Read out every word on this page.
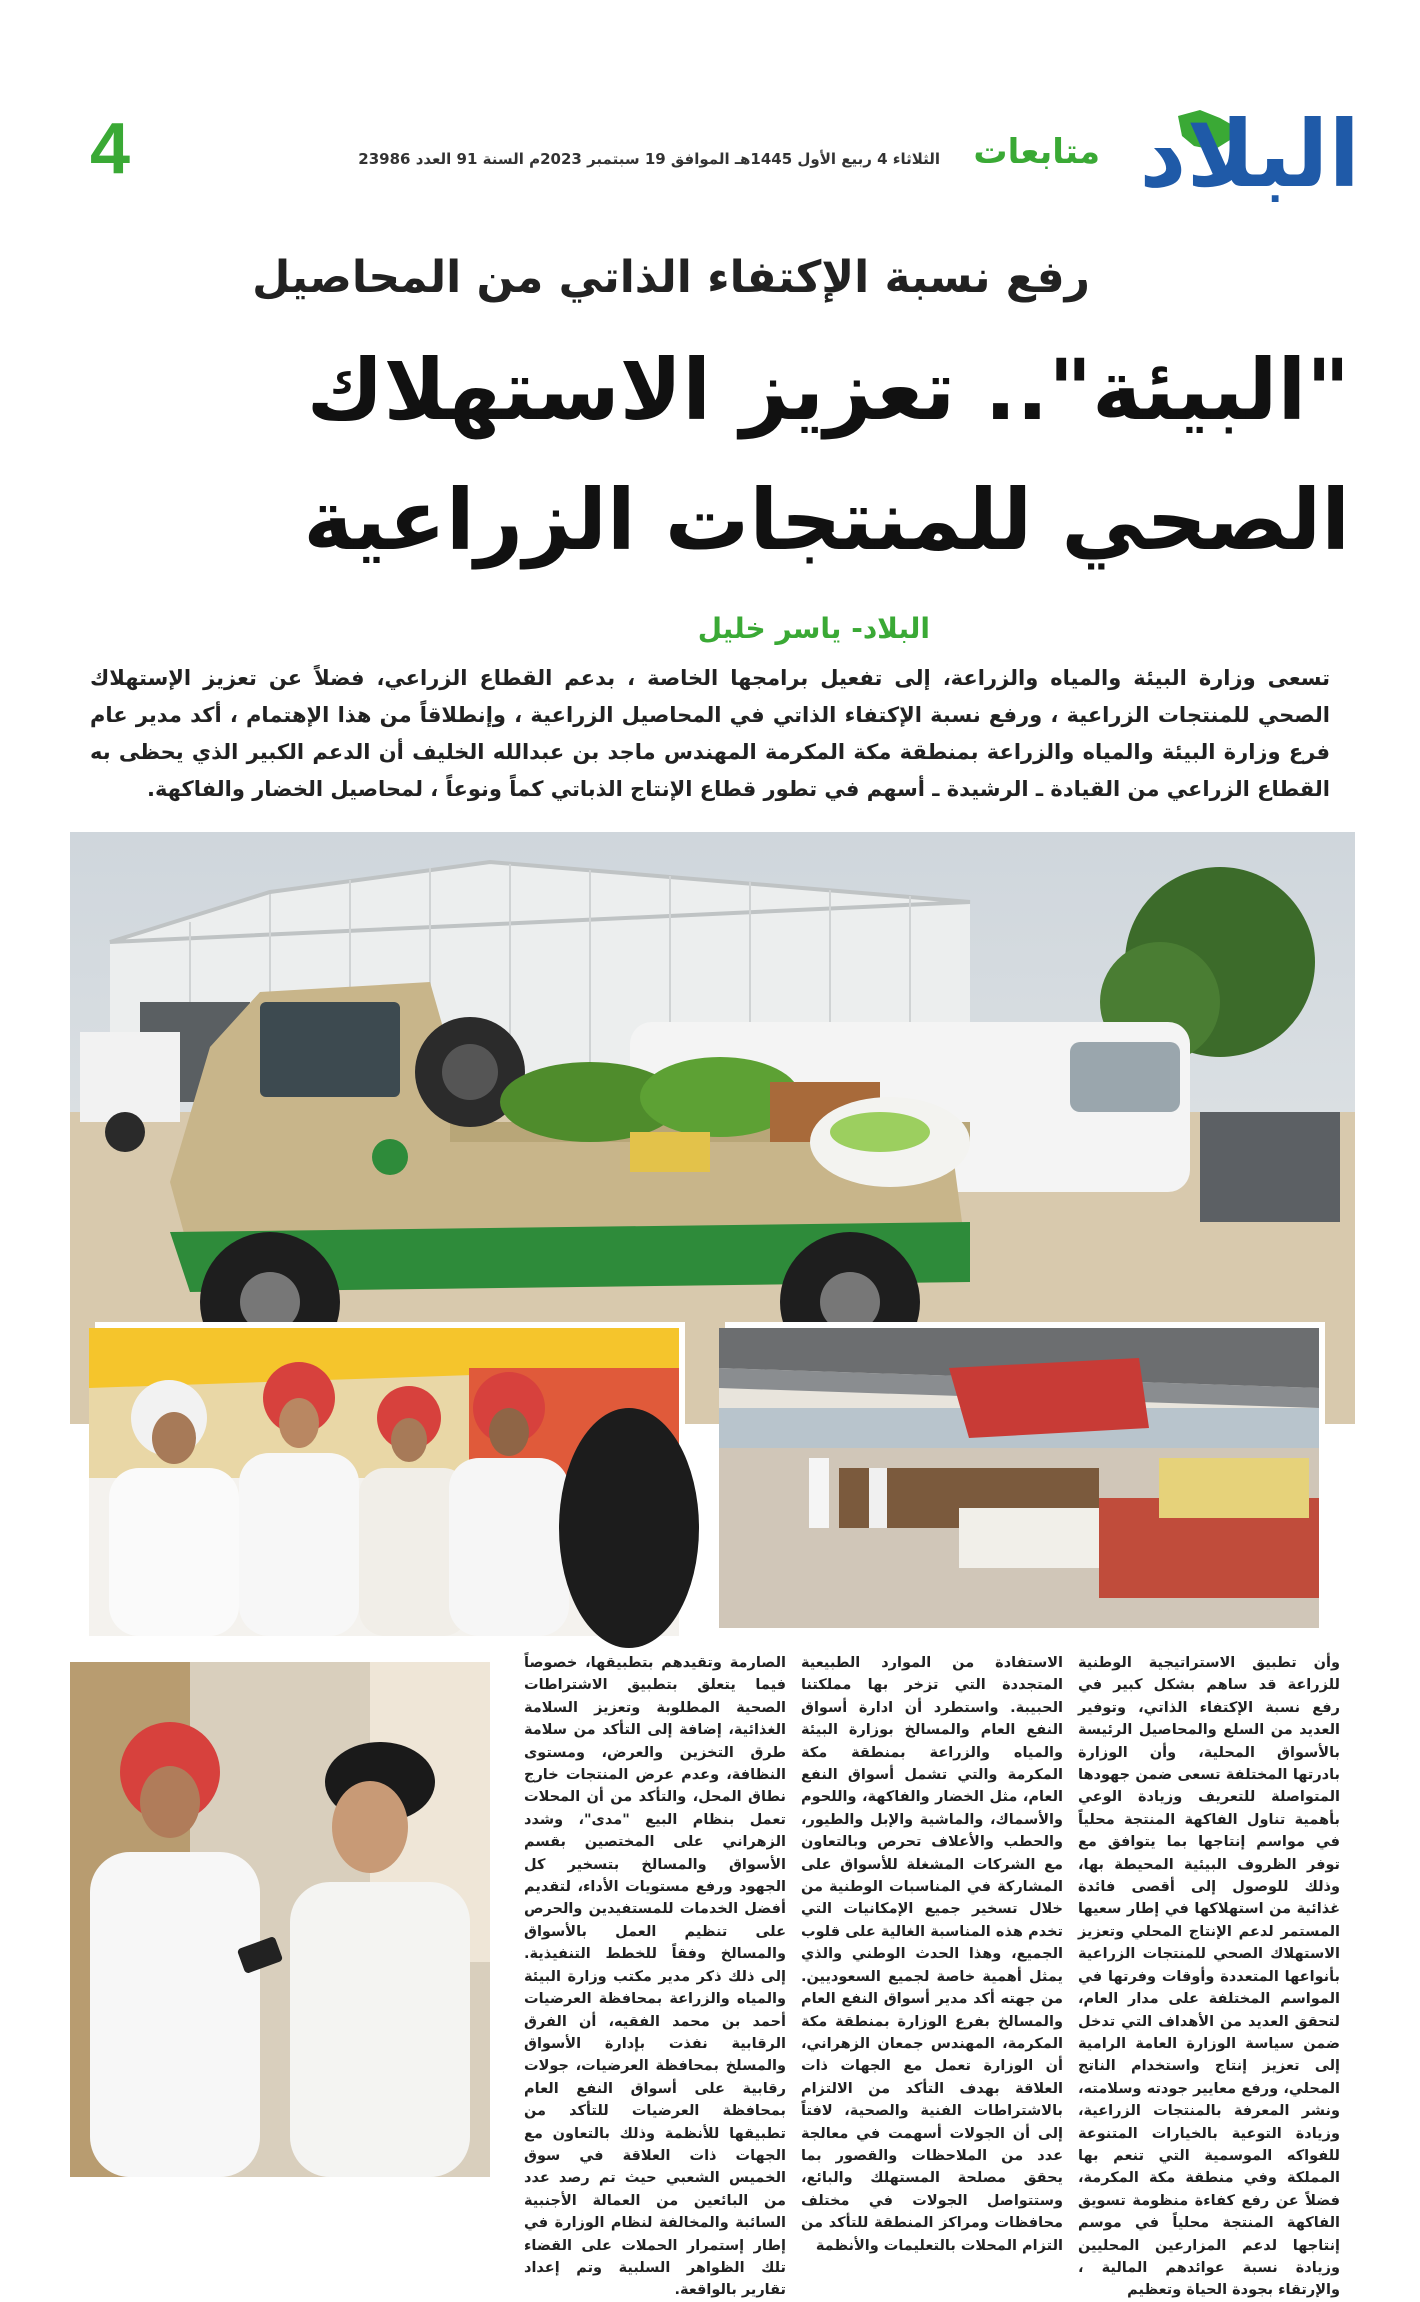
البلاد
متابعات
الثلاثاء 4 ربيع الأول 1445هـ الموافق 19 سبتمبر 2023م السنة 91 العدد 23986
4
رفع نسبة الإكتفاء الذاتي من المحاصيل
"البيئة".. تعزيز الاستهلاك
الصحي للمنتجات الزراعية
البلاد- ياسر خليل

تسعى وزارة البيئة والمياه والزراعة، إلى تفعيل برامجها الخاصة ، بدعم القطاع الزراعي، فضلاً عن تعزيز الإستهلاك الصحي للمنتجات الزراعية ، ورفع نسبة الإكتفاء الذاتي في المحاصيل الزراعية ، وإنطلاقاً من هذا الإهتمام ، أكد مدير عام فرع وزارة البيئة والمياه والزراعة بمنطقة مكة المكرمة المهندس ماجد بن عبدالله الخليف أن الدعم الكبير الذي يحظى به القطاع الزراعي من القيادة ـ الرشيدة ـ أسهم في تطور قطاع الإنتاج الذباتي كماً ونوعاً ، لمحاصيل الخضار والفاكهة.

وأن تطبيق الاستراتيجية الوطنية للزراعة قد ساهم بشكل كبير في رفع نسبة الإكتفاء الذاتي، وتوفير العديد من السلع والمحاصيل الرئيسة بالأسواق المحلية، وأن الوزارة بادرتها المختلفة تسعى ضمن جهودها المتواصلة للتعريف وزيادة الوعي بأهمية تناول الفاكهة المنتجة محلياً في مواسم إنتاجها بما يتوافق مع توفر الظروف البيئية المحيطة بها، وذلك للوصول إلى أقصى فائدة غذائية من استهلاكها في إطار سعيها المستمر لدعم الإنتاج المحلي وتعزيز الاستهلاك الصحي للمنتجات الزراعية بأنواعها المتعددة وأوقات وفرتها في المواسم المختلفة على مدار العام، لتحقق العديد من الأهداف التي تدخل ضمن سياسة الوزارة العامة الرامية إلى تعزيز إنتاج واستخدام الناتج المحلي، ورفع معايير جودته وسلامته، ونشر المعرفة بالمنتجات الزراعية، وزيادة التوعية بالخيارات المتنوعة للفواكه الموسمية التي تنعم بها المملكة وفي منطقة مكة المكرمة، فضلاً عن رفع كفاءة منظومة تسويق الفاكهة المنتجة محلياً في موسم إنتاجها لدعم المزارعين المحليين وزيادة نسبة عوائدهم المالية ، والإرتقاء بجودة الحياة وتعظيم
الاستفادة من الموارد الطبيعية المتجددة التي تزخر بها مملكتنا الحبيبة. واستطرد أن ادارة أسواق النفع العام والمسالخ بوزارة البيئة والمياه والزراعة بمنطقة مكة المكرمة والتي تشمل أسواق النفع العام، مثل الخضار والفاكهة، واللحوم والأسماك، والماشية والإبل والطيور، والحطب والأعلاف تحرص وبالتعاون مع الشركات المشغلة للأسواق على المشاركة في المناسبات الوطنية من خلال تسخير جميع الإمكانيات التي تخدم هذه المناسبة الغالية على قلوب الجميع، وهذا الحدث الوطني والذي يمثل أهمية خاصة لجميع السعوديين. من جهته أكد مدير أسواق النفع العام والمسالخ بفرع الوزارة بمنطقة مكة المكرمة، المهندس جمعان الزهراني، أن الوزارة تعمل مع الجهات ذات العلاقة بهدف التأكد من الالتزام بالاشتراطات الفنية والصحية، لافتاً إلى أن الجولات أسهمت في معالجة عدد من الملاحظات والقصور بما يحقق مصلحة المستهلك والبائع، وستتواصل الجولات في مختلف محافظات ومراكز المنطقة للتأكد من التزام المحلات بالتعليمات والأنظمة
الصارمة وتقيدهم بتطبيقها، خصوصاً فيما يتعلق بتطبيق الاشتراطات الصحية المطلوبة وتعزيز السلامة الغذائية، إضافة إلى التأكد من سلامة طرق التخزين والعرض، ومستوى النظافة، وعدم عرض المنتجات خارج نطاق المحل، والتأكد من أن المحلات تعمل بنظام البيع "مدى"، وشدد الزهراني على المختصين بقسم الأسواق والمسالخ بتسخير كل الجهود ورفع مستويات الأداء، لتقديم أفضل الخدمات للمستفيدين والحرص على تنظيم العمل بالأسواق والمسالخ وفقاً للخطط التنفيذية. إلى ذلك ذكر مدير مكتب وزارة البيئة والمياه والزراعة بمحافظة العرضيات أحمد بن محمد الفقيه، أن الفرق الرقابية نفذت بإدارة الأسواق والمسلخ بمحافظة العرضيات، جولات رقابية على أسواق النفع العام بمحافظة العرضيات للتأكد من تطبيقها للأنظمة وذلك بالتعاون مع الجهات ذات العلاقة في سوق الخميس الشعبي حيث تم رصد عدد من البائعين من العمالة الأجنبية السائبة والمخالفة لنظام الوزارة في إطار إستمرار الحملات على القضاء تلك الظواهر السلبية وتم إعداد تقارير بالواقعة.
